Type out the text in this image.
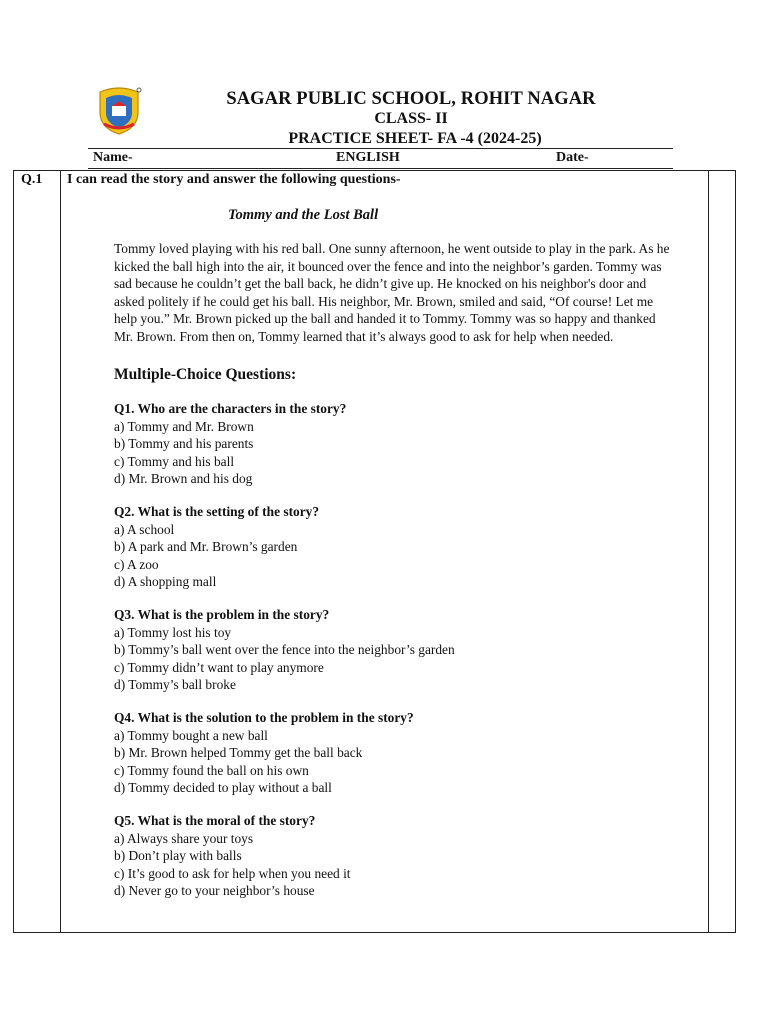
SAGAR PUBLIC SCHOOL, ROHIT NAGAR
CLASS- II
PRACTICE SHEET- FA -4 (2024-25)
Name-	ENGLISH	Date-
Q.1 I can read the story and answer the following questions-
Tommy and the Lost Ball
Tommy loved playing with his red ball. One sunny afternoon, he went outside to play in the park. As he
kicked the ball high into the air, it bounced over the fence and into the neighbor’s garden. Tommy was
sad because he couldn’t get the ball back, he didn’t give up. He knocked on his neighbor's door and
asked politely if he could get his ball. His neighbor, Mr. Brown, smiled and said, “Of course! Let me
help you.” Mr. Brown picked up the ball and handed it to Tommy. Tommy was so happy and thanked
Mr. Brown. From then on, Tommy learned that it’s always good to ask for help when needed.
Multiple-Choice Questions:
Q1. Who are the characters in the story?
a) Tommy and Mr. Brown
b) Tommy and his parents
c) Tommy and his ball
d) Mr. Brown and his dog
Q2. What is the setting of the story?
a) A school
b) A park and Mr. Brown’s garden
c) A zoo
d) A shopping mall
Q3. What is the problem in the story?
a) Tommy lost his toy
b) Tommy’s ball went over the fence into the neighbor’s garden
c) Tommy didn’t want to play anymore
d) Tommy’s ball broke
Q4. What is the solution to the problem in the story?
a) Tommy bought a new ball
b) Mr. Brown helped Tommy get the ball back
c) Tommy found the ball on his own
d) Tommy decided to play without a ball
Q5. What is the moral of the story?
a) Always share your toys
b) Don’t play with balls
c) It’s good to ask for help when you need it
d) Never go to your neighbor’s house
